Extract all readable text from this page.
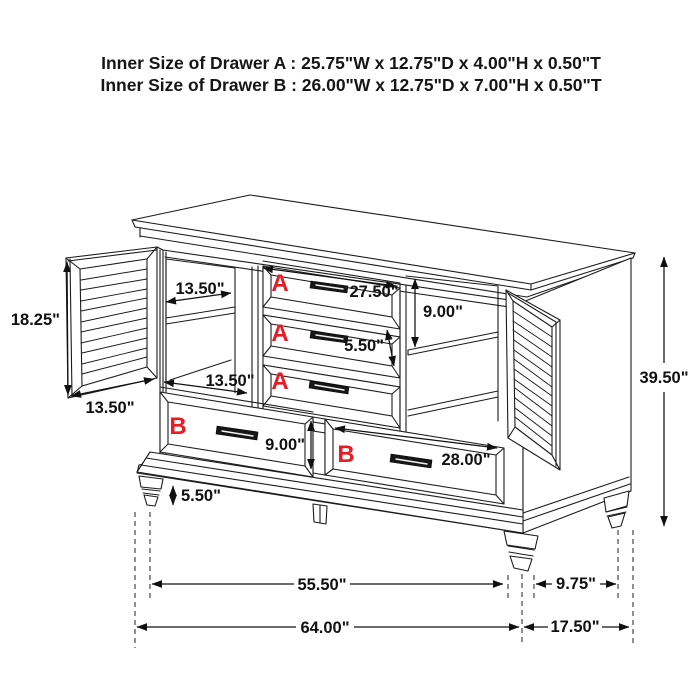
A
A
A
B
B
18.25"
13.50"
13.50"
13.50"
27.50"
5.50"
9.00"
9.00"
28.00"
5.50"
39.50"
55.50"	9.75"
64.00"	17.50"
Inner Size of Drawer A : 25.75"W x 12.75"D x 4.00"H x 0.50"T
Inner Size of Drawer B : 26.00"W x 12.75"D x 7.00"H x 0.50"T
